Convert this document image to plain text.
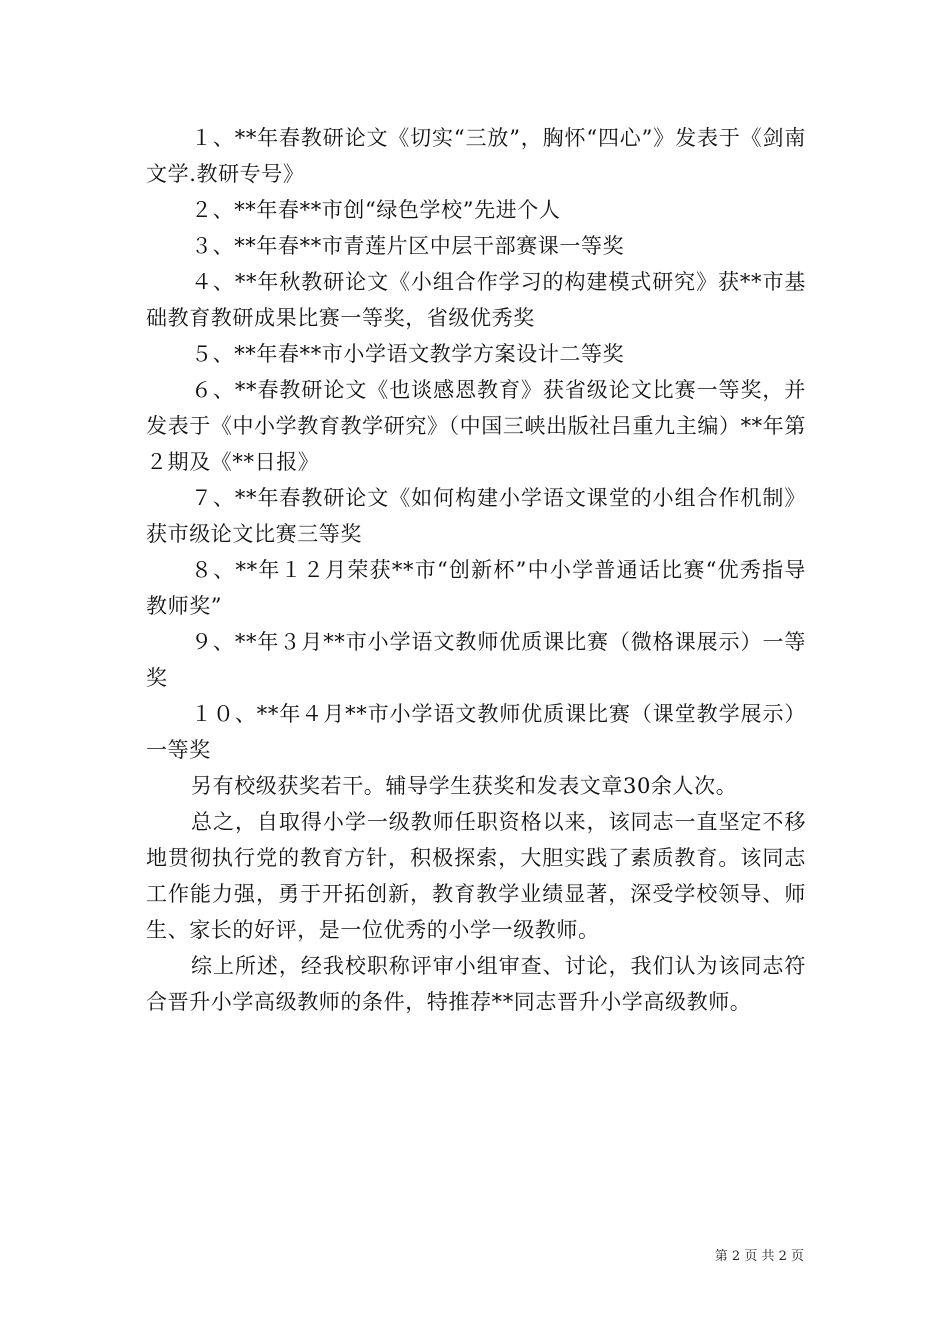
１、**年春教研论文《切实“三放”，胸怀“四心”》发表于《剑南文学.教研专号》

２、**年春**市创“绿色学校”先进个人

３、**年春**市青莲片区中层干部赛课一等奖

４、**年秋教研论文《小组合作学习的构建模式研究》获**市基础教育教研成果比赛一等奖，省级优秀奖

５、**年春**市小学语文教学方案设计二等奖

６、**春教研论文《也谈感恩教育》获省级论文比赛一等奖，并发表于《中小学教育教学研究》（中国三峡出版社吕重九主编）**年第２期及《**日报》

７、**年春教研论文《如何构建小学语文课堂的小组合作机制》获市级论文比赛三等奖

８、**年１２月荣获**市“创新杯”中小学普通话比赛“优秀指导教师奖”

９、**年３月**市小学语文教师优质课比赛（微格课展示）一等奖

１０、**年４月**市小学语文教师优质课比赛（课堂教学展示）一等奖

另有校级获奖若干。辅导学生获奖和发表文章30余人次。

总之，自取得小学一级教师任职资格以来，该同志一直坚定不移地贯彻执行党的教育方针，积极探索，大胆实践了素质教育。该同志工作能力强，勇于开拓创新，教育教学业绩显著，深受学校领导、师生、家长的好评，是一位优秀的小学一级教师。

综上所述，经我校职称评审小组审查、讨论，我们认为该同志符合晋升小学高级教师的条件，特推荐**同志晋升小学高级教师。

第 2 页 共 2 页
